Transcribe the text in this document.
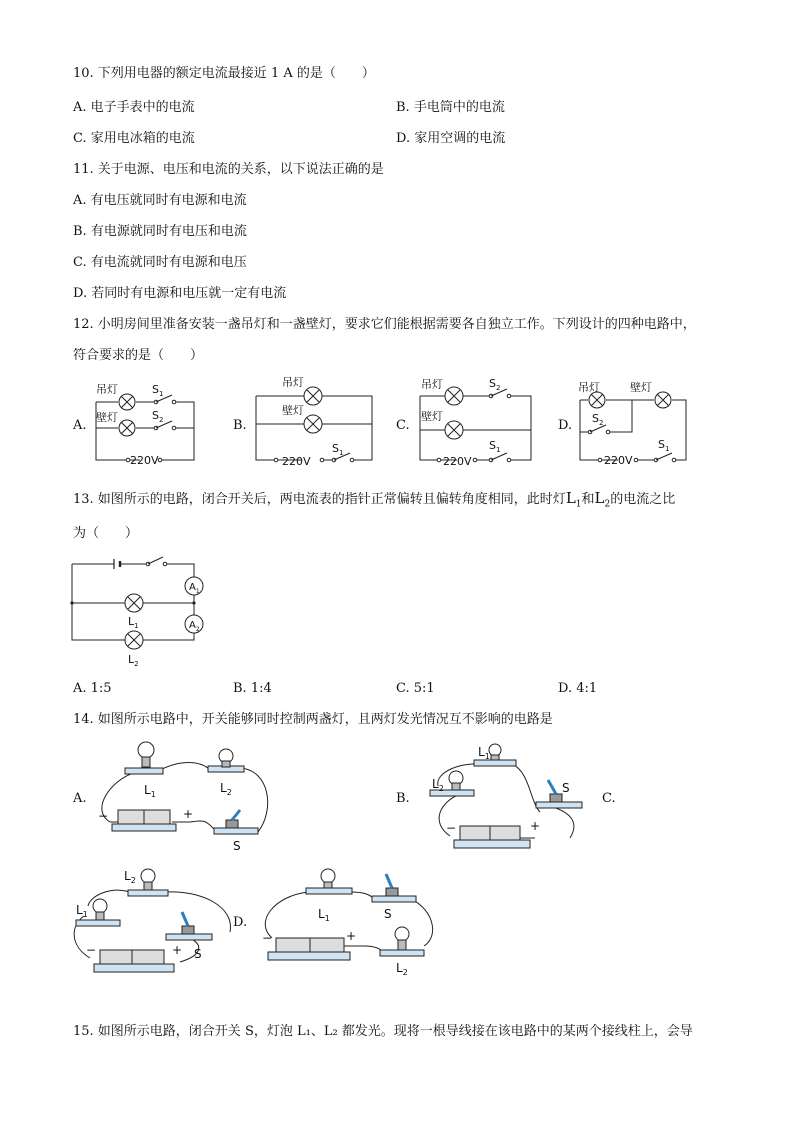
10. 下列用电器的额定电流最接近 1 A 的是（　　）
A. 电子手表中的电流	B. 手电筒中的电流
C. 家用电冰箱的电流	D. 家用空调的电流
11. 关于电源、电压和电流的关系，以下说法正确的是
A. 有电压就同时有电源和电流
B. 有电源就同时有电压和电流
C. 有电流就同时有电源和电压
D. 若同时有电源和电压就一定有电流
12. 小明房间里准备安装一盏吊灯和一盏壁灯，要求它们能根据需要各自独立工作。下列设计的四种电路中，
符合要求的是（　　）
A.
吊灯
壁灯
$S_1$
$S_2$
220V
B.
吊灯
壁灯
$S_1$
220V
C.
吊灯
壁灯
$S_2$
$S_1$
220V
D.
吊灯	壁灯
$S_2$
$S_1$
220V
13. 如图所示的电路，闭合开关后，两电流表的指针正常偏转且偏转角度相同，此时灯$L_1$和$L_2$的电流之比
为（　　）
$A_1$
$A_2$
$L_1$
$L_2$
A. 1:5	B. 1:4	C. 5:1	D. 4:1
14. 如图所示电路中，开关能够同时控制两盏灯，且两灯发光情况互不影响的电路是
A.
$L_1$	$L_2$
−	+
S
B.
$L_1$
$L_2$
−	+
S
C.
$L_2$
$L_1$
−	+ S
D.
$L_1$	S
−	+
$L_2$
15. 如图所示电路，闭合开关 S，灯泡 L₁、L₂ 都发光。现将一根导线接在该电路中的某两个接线柱上，会导
